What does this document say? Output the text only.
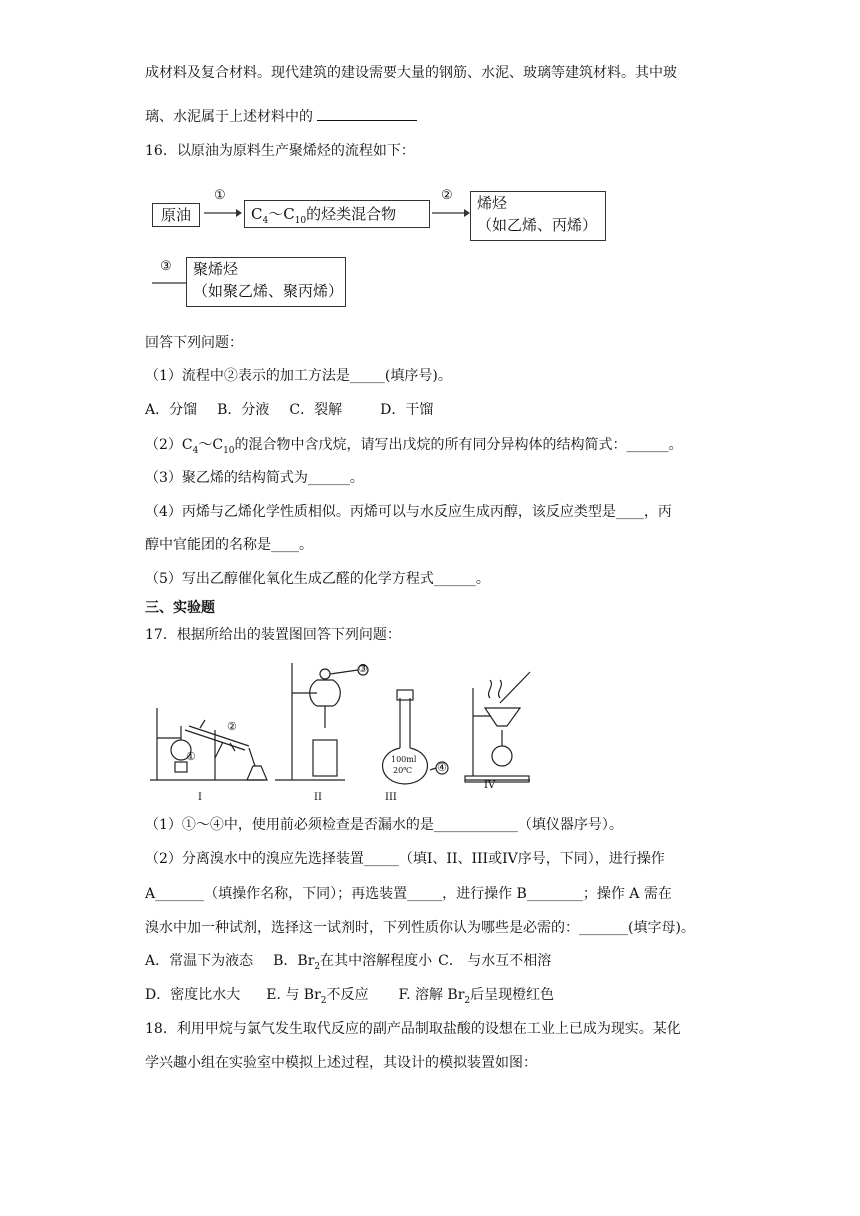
成材料及复合材料。现代建筑的建设需要大量的钢筋、水泥、玻璃等建筑材料。其中玻
璃、水泥属于上述材料中的
16．以原油为原料生产聚烯烃的流程如下：
原油
①
$C_4\sim C_{10}$的烃类混合物
② 烯烃
（如乙烯、丙烯）
③ 聚烯烃
（如聚乙烯、聚丙烯）
回答下列问题：
（1）流程中②表示的加工方法是_____(填序号)。
A．分馏 B．分液 C．裂解	D．干馏
$(2)C_4\sim C_{10}$的混合物中含戊烷，请写出戊烷的所有同分异构体的结构简式：______。
（3）聚乙烯的结构简式为______。
（4）丙烯与乙烯化学性质相似。丙烯可以与水反应生成丙醇，该反应类型是____，丙
醇中官能团的名称是____。
（5）写出乙醇催化氧化生成乙醛的化学方程式______。
三、实验题
17．根据所给出的装置图回答下列问题：
I	II	III
IV
①
②
③
④
100ml
20℃
（1）①～④中，使用前必须检查是否漏水的是____________（填仪器序号）。
（2）分离溴水中的溴应先选择装置_____（填I、II、III或IV序号，下同），进行操作
A_______（填操作名称，下同）；再选装置_____，进行操作 B________；操作 A 需在
溴水中加一种试剂，选择这一试剂时，下列性质你认为哪些是必需的：_______(填字母)。
A．常温下为液态 B．$Br_2$在其中溶解程度小 C． 与水互不相溶
D．密度比水大 E. 与 $Br_2$不反应 F. 溶解 $Br_2$后呈现橙红色
18．利用甲烷与氯气发生取代反应的副产品制取盐酸的设想在工业上已成为现实。某化
学兴趣小组在实验室中模拟上述过程，其设计的模拟装置如图：
